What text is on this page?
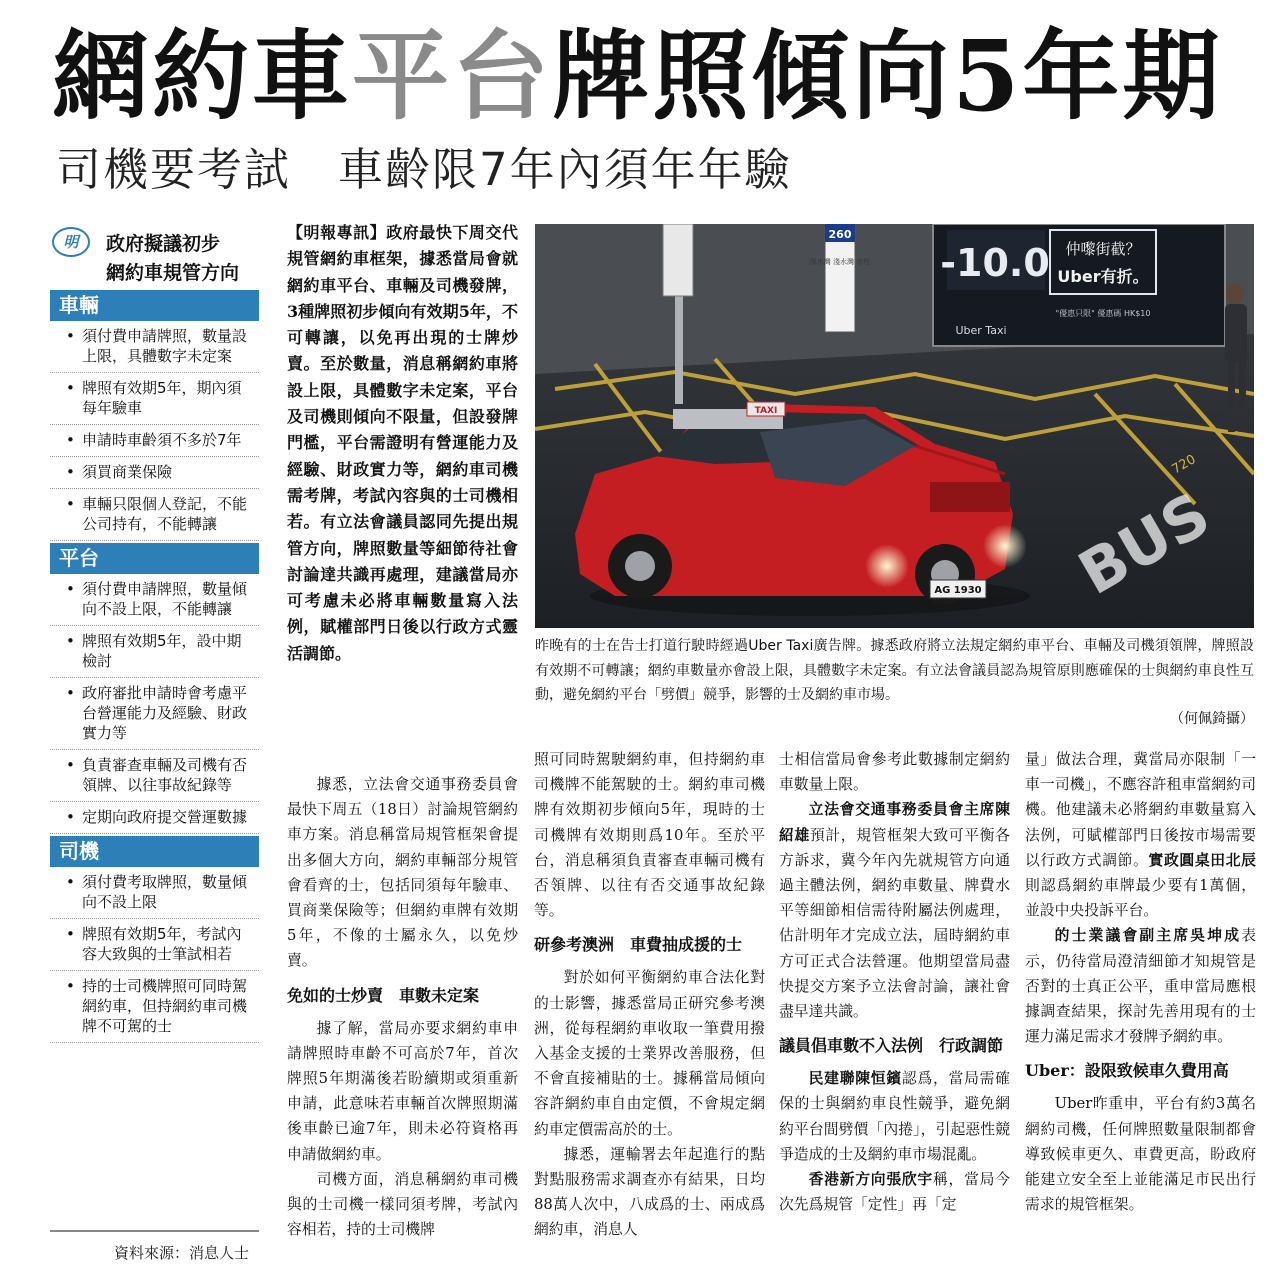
網約車平台牌照傾向5年期
司機要考試　車齡限7年內須年年驗
明	政府擬議初步
網約車規管方向
車輛
• 須付費申請牌照，數量設上限，具體數字未定案
• 牌照有效期5年，期內須每年驗車
• 申請時車齡須不多於7年
• 須買商業保險
• 車輛只限個人登記，不能公司持有，不能轉讓
平台
• 須付費申請牌照，數量傾向不設上限，不能轉讓
• 牌照有效期5年，設中期檢討
• 政府審批申請時會考慮平台營運能力及經驗、財政實力等
• 負責審查車輛及司機有否領牌、以往事故紀錄等
• 定期向政府提交營運數據
司機
• 須付費考取牌照，數量傾向不設上限
• 牌照有效期5年，考試內容大致與的士筆試相若
• 持的士司機牌照可同時駕網約車，但持網約車司機牌不可駕的士
資料來源：消息人士
【明報專訊】政府最快下周交代規管網約車框架，據悉當局會就網約車平台、車輛及司機發牌，3種牌照初步傾向有效期5年，不可轉讓，以免再出現的士牌炒賣。至於數量，消息稱網約車將設上限，具體數字未定案，平台及司機則傾向不限量，但設發牌門檻，平台需證明有營運能力及經驗、財政實力等，網約車司機需考牌，考試內容與的士司機相若。有立法會議員認同先提出規管方向，牌照數量等細節待社會討論達共識再處理，建議當局亦可考慮未必將車輛數量寫入法例，賦權部門日後以行政方式靈活調節。
260
深水灣 淺水灣 赤柱 -10.0 仲嚟街截？
Uber有折。
"優惠只限" 優惠碼 HK$10
Uber Taxi
720
BUS
TAXI
AG 1930
昨晚有的士在告士打道行駛時經過Uber Taxi廣告牌。據悉政府將立法規定網約車平台、車輛及司機須領牌，牌照設有效期不可轉讓；網約車數量亦會設上限，具體數字未定案。有立法會議員認為規管原則應確保的士與網約車良性互動，避免網約平台「劈價」競爭，影響的士及網約車市場。
（何佩錡攝）

據悉，立法會交通事務委員會最快下周五（18日）討論規管網約車方案。消息稱當局規管框架會提出多個大方向，網約車輛部分規管會看齊的士，包括同須每年驗車、買商業保險等；但網約車牌有效期5年，不像的士屬永久，以免炒賣。

免如的士炒賣　車數未定案

據了解，當局亦要求網約車申請牌照時車齡不可高於7年，首次牌照5年期滿後若盼續期或須重新申請，此意味若車輛首次牌照期滿後車齡已逾7年，則未必符資格再申請做網約車。

司機方面，消息稱網約車司機與的士司機一樣同須考牌，考試內容相若，持的士司機牌

照可同時駕駛網約車，但持網約車司機牌不能駕駛的士。網約車司機牌有效期初步傾向5年，現時的士司機牌有效期則爲10年。至於平台，消息稱須負責審查車輛司機有否領牌、以往有否交通事故紀錄等。

研參考澳洲　車費抽成援的士

對於如何平衡網約車合法化對的士影響，據悉當局正研究參考澳洲，從每程網約車收取一筆費用撥入基金支援的士業界改善服務，但不會直接補貼的士。據稱當局傾向容許網約車自由定價，不會規定網約車定價需高於的士。

據悉，運輸署去年起進行的點對點服務需求調查亦有結果，日均88萬人次中，八成爲的士、兩成爲網約車，消息人

士相信當局會參考此數據制定網約車數量上限。

立法會交通事務委員會主席陳紹雄預計，規管框架大致可平衡各方訴求，冀今年內先就規管方向通過主體法例，網約車數量、牌費水平等細節相信需待附屬法例處理，估計明年才完成立法，屆時網約車方可正式合法營運。他期望當局盡快提交方案予立法會討論，讓社會盡早達共識。

議員倡車數不入法例　行政調節

民建聯陳恒鑌認爲，當局需確保的士與網約車良性競爭，避免網約平台間劈價「內捲」，引起惡性競爭造成的士及網約車市場混亂。

香港新方向張欣宇稱，當局今次先爲規管「定性」再「定

量」做法合理，冀當局亦限制「一車一司機」，不應容許租車當網約司機。他建議未必將網約車數量寫入法例，可賦權部門日後按市場需要以行政方式調節。實政圓桌田北辰則認爲網約車牌最少要有1萬個，並設中央投訴平台。

的士業議會副主席吳坤成表示，仍待當局澄清細節才知規管是否對的士真正公平，重申當局應根據調查結果，探討先善用現有的士運力滿足需求才發牌予網約車。

Uber：設限致候車久費用高

Uber昨重申，平台有約3萬名網約司機，任何牌照數量限制都會導致候車更久、車費更高，盼政府能建立安全至上並能滿足市民出行需求的規管框架。
